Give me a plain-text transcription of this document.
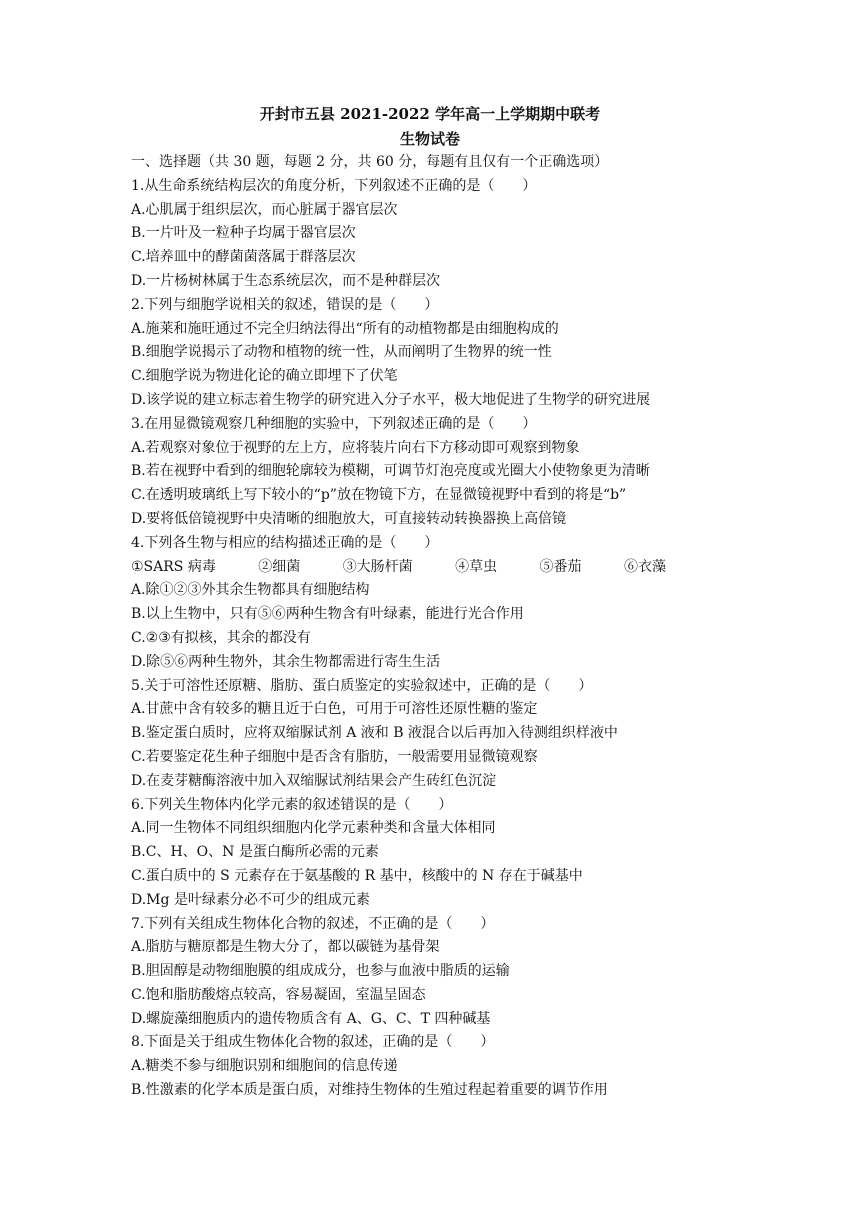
开封市五县 2021-2022 学年高一上学期期中联考
生物试卷
一、选择题（共 30 题，每题 2 分，共 60 分，每题有且仅有一个正确选项）
1.从生命系统结构层次的角度分析，下列叙述不正确的是（　　）
A.心肌属于组织层次，而心脏属于器官层次
B.一片叶及一粒种子均属于器官层次
C.培养皿中的酵菌菌落属于群落层次
D.一片杨树林属于生态系统层次，而不是种群层次
2.下列与细胞学说相关的叙述，错误的是（　　）
A.施莱和施旺通过不完全归纳法得出“所有的动植物都是由细胞构成的
B.细胞学说揭示了动物和植物的统一性，从而阐明了生物界的统一性
C.细胞学说为物进化论的确立即埋下了伏笔
D.该学说的建立标志着生物学的研究进入分子水平，极大地促进了生物学的研究进展
3.在用显微镜观察几种细胞的实验中，下列叙述正确的是（　　）
A.若观察对象位于视野的左上方，应将装片向右下方移动即可观察到物象
B.若在视野中看到的细胞轮廓较为模糊，可调节灯泡亮度或光圈大小使物象更为清晰
C.在透明玻璃纸上写下较小的“p”放在物镜下方，在显微镜视野中看到的将是“b”
D.要将低倍镜视野中央清晰的细胞放大，可直接转动转换器换上高倍镜
4.下列各生物与相应的结构描述正确的是（　　）
①SARS 病毒	②细菌	③大肠杆菌	④草虫	⑤番茄	⑥衣藻
A.除①②③外其余生物都具有细胞结构
B.以上生物中，只有⑤⑥两种生物含有叶绿素，能进行光合作用
C.②③有拟核，其余的都没有
D.除⑤⑥两种生物外，其余生物都需进行寄生生活
5.关于可溶性还原糖、脂肪、蛋白质鉴定的实验叙述中，正确的是（　　）
A.甘蔗中含有较多的糖且近于白色，可用于可溶性还原性糖的鉴定
B.鉴定蛋白质时，应将双缩脲试剂 A 液和 B 液混合以后再加入待测组织样液中
C.若要鉴定花生种子细胞中是否含有脂肪，一般需要用显微镜观察
D.在麦芽糖酶溶液中加入双缩脲试剂结果会产生砖红色沉淀
6.下列关生物体内化学元素的叙述错误的是（　　）
A.同一生物体不同组织细胞内化学元素种类和含量大体相同
B.C、H、O、N 是蛋白酶所必需的元素
C.蛋白质中的 S 元素存在于氨基酸的 R 基中，核酸中的 N 存在于碱基中
D.Mg 是叶绿素分必不可少的组成元素
7.下列有关组成生物体化合物的叙述，不正确的是（　　）
A.脂肪与糖原都是生物大分了，都以碳链为基骨架
B.胆固醇是动物细胞膜的组成成分，也参与血液中脂质的运输
C.饱和脂肪酸熔点较高，容易凝固，室温呈固态
D.螺旋藻细胞质内的遗传物质含有 A、G、C、T 四种碱基
8.下面是关于组成生物体化合物的叙述，正确的是（　　）
A.糖类不参与细胞识别和细胞间的信息传递
B.性激素的化学本质是蛋白质，对维持生物体的生殖过程起着重要的调节作用
